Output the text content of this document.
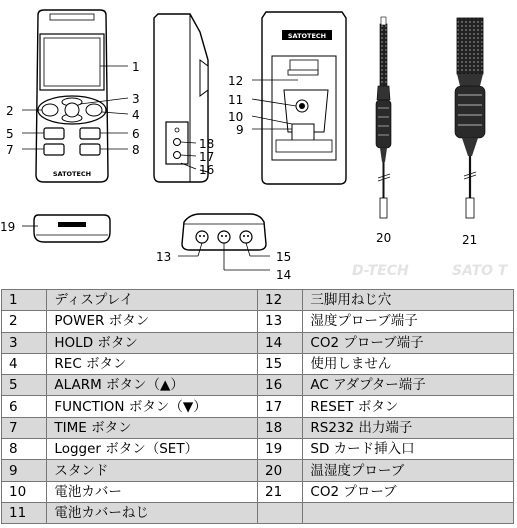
D-TECH	SATO T
SATOTECH
SATOTECH
1
2
3
4
5	6
7	8
9
10
11
12
13
14
15
16
17
18
19
20	21
1	ディスプレイ	12	三脚用ねじ穴
2	POWER ボタン	13	湿度プローブ端子
3	HOLD ボタン	14	CO2 プローブ端子
4	REC ボタン	15	使用しません
5	ALARM ボタン（▲）	16	AC アダプター端子
6	FUNCTION ボタン（▼）	17	RESET ボタン
7	TIME ボタン	18	RS232 出力端子
8	Logger ボタン（SET）	19	SD カード挿入口
9	スタンド	20	温湿度プローブ
10	電池カバー	21	CO2 プローブ
11	電池カバーねじ		
